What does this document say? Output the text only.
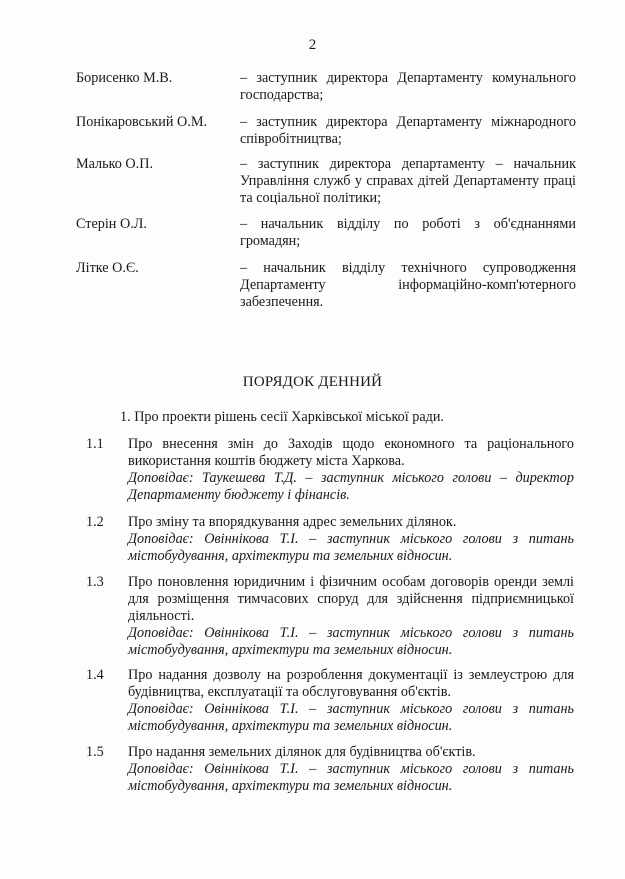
2
Борисенко М.В.	– заступник директора Департаменту комунального господарства;
Понікаровський О.М.	– заступник директора Департаменту міжнародного співробітництва;
Малько О.П.	– заступник директора департаменту – начальник Управління служб у справах дітей Департаменту праці та соціальної політики;
Стерін О.Л.	– начальник відділу по роботі з об'єднаннями громадян;
Літке О.Є.	– начальник відділу технічного супроводження Департаменту інформаційно-комп'ютерного забезпечення.
ПОРЯДОК ДЕННИЙ
1. Про проекти рішень сесії Харківської міської ради.
1.1 Про внесення змін до Заходів щодо економного та раціонального використання коштів бюджету міста Харкова.
Доповідає: Таукешева Т.Д. – заступник міського голови – директор Департаменту бюджету і фінансів.
1.2 Про зміну та впорядкування адрес земельних ділянок.
Доповідає: Овіннікова Т.І. – заступник міського голови з питань містобудування, архітектури та земельних відносин.
1.3 Про поновлення юридичним і фізичним особам договорів оренди землі для розміщення тимчасових споруд для здійснення підприємницької діяльності.
Доповідає: Овіннікова Т.І. – заступник міського голови з питань містобудування, архітектури та земельних відносин.
1.4 Про надання дозволу на розроблення документації із землеустрою для будівництва, експлуатації та обслуговування об'єктів.
Доповідає: Овіннікова Т.І. – заступник міського голови з питань містобудування, архітектури та земельних відносин.
1.5 Про надання земельних ділянок для будівництва об'єктів.
Доповідає: Овіннікова Т.І. – заступник міського голови з питань містобудування, архітектури та земельних відносин.
